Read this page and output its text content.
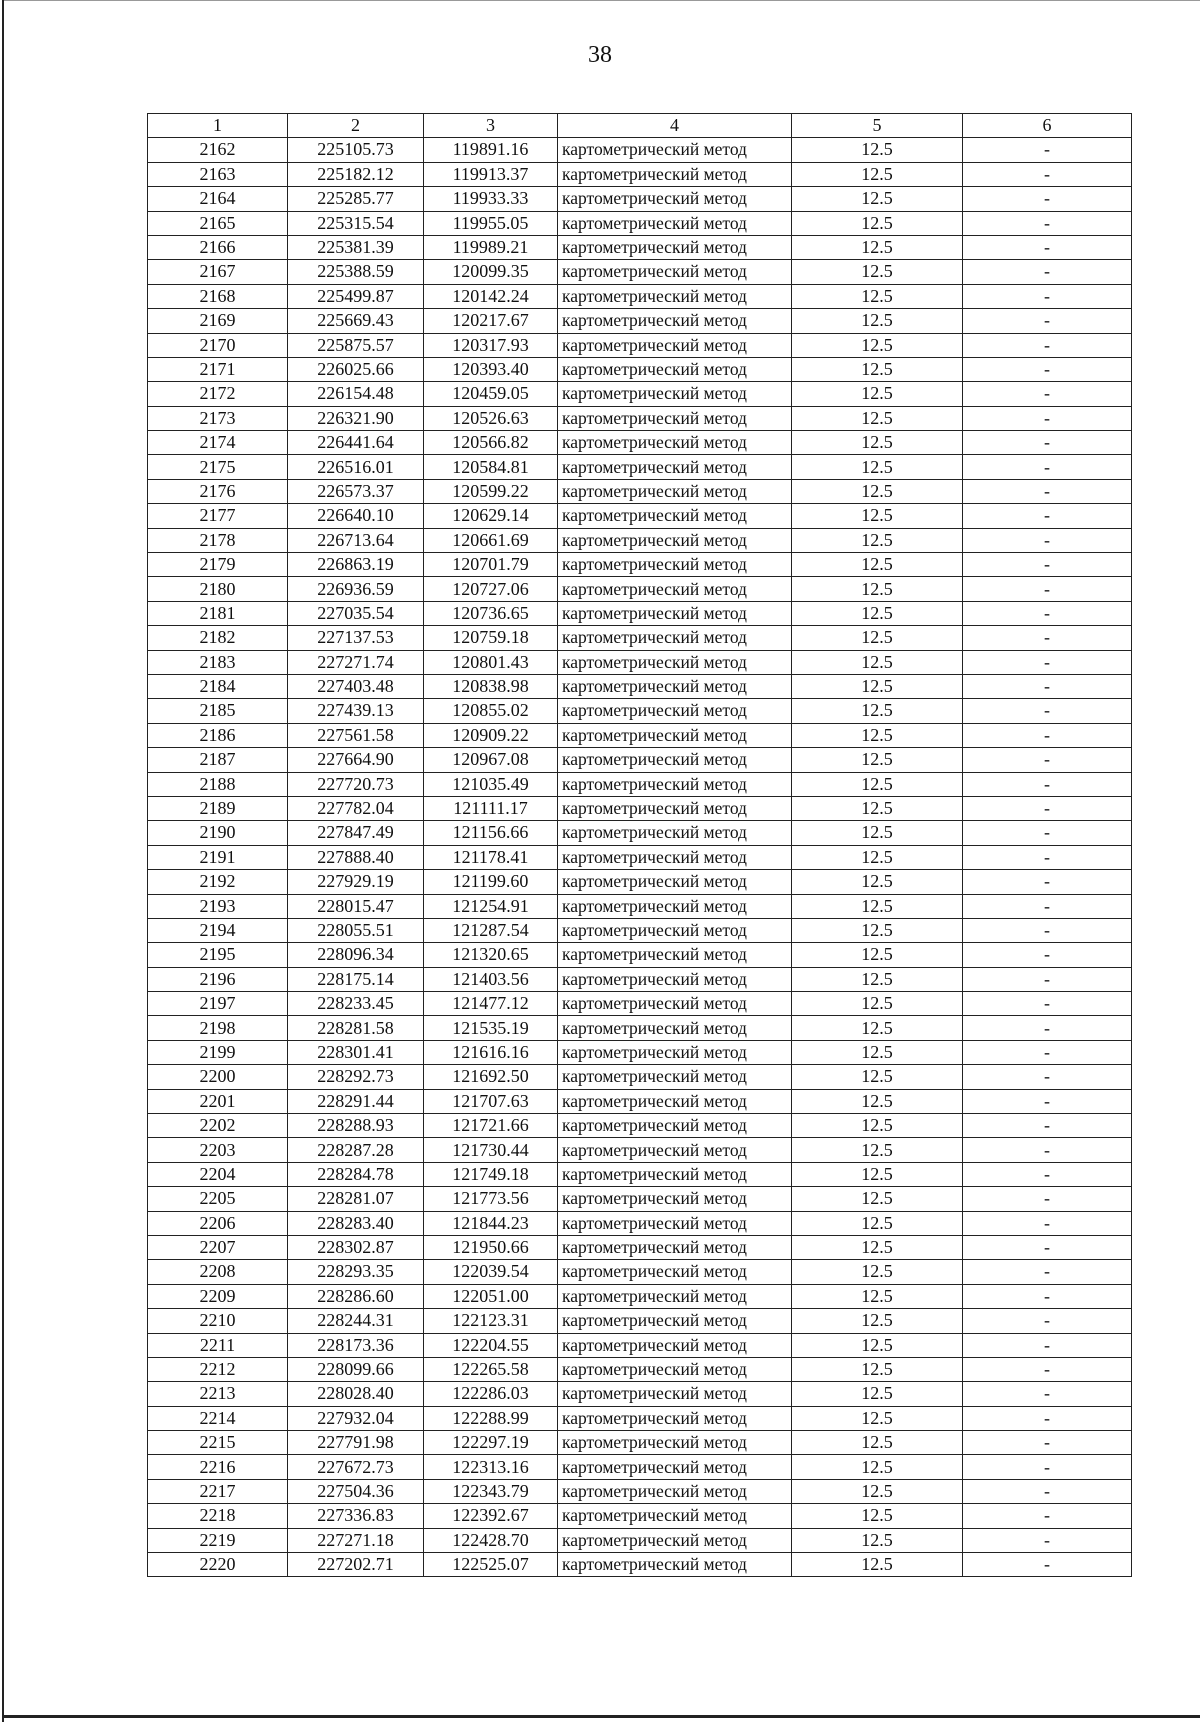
38
1	2	3	4	5	6
2162	225105.73	119891.16	картометрический метод	12.5	-
2163	225182.12	119913.37	картометрический метод	12.5	-
2164	225285.77	119933.33	картометрический метод	12.5	-
2165	225315.54	119955.05	картометрический метод	12.5	-
2166	225381.39	119989.21	картометрический метод	12.5	-
2167	225388.59	120099.35	картометрический метод	12.5	-
2168	225499.87	120142.24	картометрический метод	12.5	-
2169	225669.43	120217.67	картометрический метод	12.5	-
2170	225875.57	120317.93	картометрический метод	12.5	-
2171	226025.66	120393.40	картометрический метод	12.5	-
2172	226154.48	120459.05	картометрический метод	12.5	-
2173	226321.90	120526.63	картометрический метод	12.5	-
2174	226441.64	120566.82	картометрический метод	12.5	-
2175	226516.01	120584.81	картометрический метод	12.5	-
2176	226573.37	120599.22	картометрический метод	12.5	-
2177	226640.10	120629.14	картометрический метод	12.5	-
2178	226713.64	120661.69	картометрический метод	12.5	-
2179	226863.19	120701.79	картометрический метод	12.5	-
2180	226936.59	120727.06	картометрический метод	12.5	-
2181	227035.54	120736.65	картометрический метод	12.5	-
2182	227137.53	120759.18	картометрический метод	12.5	-
2183	227271.74	120801.43	картометрический метод	12.5	-
2184	227403.48	120838.98	картометрический метод	12.5	-
2185	227439.13	120855.02	картометрический метод	12.5	-
2186	227561.58	120909.22	картометрический метод	12.5	-
2187	227664.90	120967.08	картометрический метод	12.5	-
2188	227720.73	121035.49	картометрический метод	12.5	-
2189	227782.04	121111.17	картометрический метод	12.5	-
2190	227847.49	121156.66	картометрический метод	12.5	-
2191	227888.40	121178.41	картометрический метод	12.5	-
2192	227929.19	121199.60	картометрический метод	12.5	-
2193	228015.47	121254.91	картометрический метод	12.5	-
2194	228055.51	121287.54	картометрический метод	12.5	-
2195	228096.34	121320.65	картометрический метод	12.5	-
2196	228175.14	121403.56	картометрический метод	12.5	-
2197	228233.45	121477.12	картометрический метод	12.5	-
2198	228281.58	121535.19	картометрический метод	12.5	-
2199	228301.41	121616.16	картометрический метод	12.5	-
2200	228292.73	121692.50	картометрический метод	12.5	-
2201	228291.44	121707.63	картометрический метод	12.5	-
2202	228288.93	121721.66	картометрический метод	12.5	-
2203	228287.28	121730.44	картометрический метод	12.5	-
2204	228284.78	121749.18	картометрический метод	12.5	-
2205	228281.07	121773.56	картометрический метод	12.5	-
2206	228283.40	121844.23	картометрический метод	12.5	-
2207	228302.87	121950.66	картометрический метод	12.5	-
2208	228293.35	122039.54	картометрический метод	12.5	-
2209	228286.60	122051.00	картометрический метод	12.5	-
2210	228244.31	122123.31	картометрический метод	12.5	-
2211	228173.36	122204.55	картометрический метод	12.5	-
2212	228099.66	122265.58	картометрический метод	12.5	-
2213	228028.40	122286.03	картометрический метод	12.5	-
2214	227932.04	122288.99	картометрический метод	12.5	-
2215	227791.98	122297.19	картометрический метод	12.5	-
2216	227672.73	122313.16	картометрический метод	12.5	-
2217	227504.36	122343.79	картометрический метод	12.5	-
2218	227336.83	122392.67	картометрический метод	12.5	-
2219	227271.18	122428.70	картометрический метод	12.5	-
2220	227202.71	122525.07	картометрический метод	12.5	-
